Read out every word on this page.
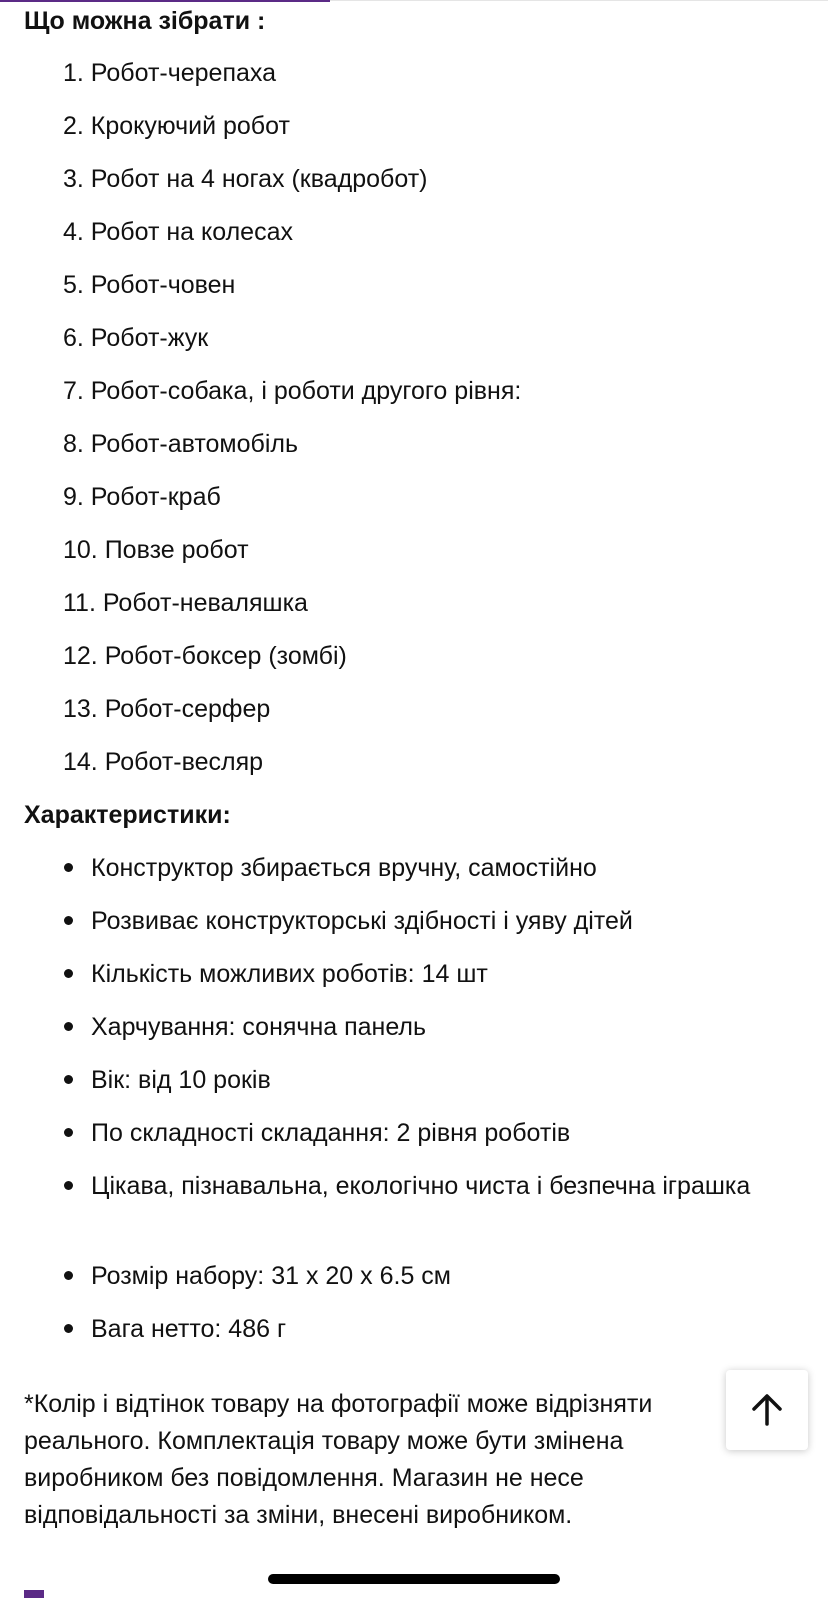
Що можна зібрати :
1. Робот-черепаха
2. Крокуючий робот
3. Робот на 4 ногах (квадробот)
4. Робот на колесах
5. Робот-човен
6. Робот-жук
7. Робот-собака, і роботи другого рівня:
8. Робот-автомобіль
9. Робот-краб
10. Повзе робот
11. Робот-неваляшка
12. Робот-боксер (зомбі)
13. Робот-серфер
14. Робот-весляр
Характеристики:
Конструктор збирається вручну, самостійно
Розвиває конструкторські здібності і уяву дітей
Кількість можливих роботів: 14 шт
Харчування: сонячна панель
Вік: від 10 років
По складності складання: 2 рівня роботів
Цікава, пізнавальна, екологічно чиста і безпечна іграшка
Розмір набору: 31 х 20 х 6.5 см
Вага нетто: 486 г

*Колір і відтінок товару на фотографії може відрізняти реального. Комплектація товару може бути змінена виробником без повідомлення. Магазин не несе відповідальності за зміни, внесені виробником.
